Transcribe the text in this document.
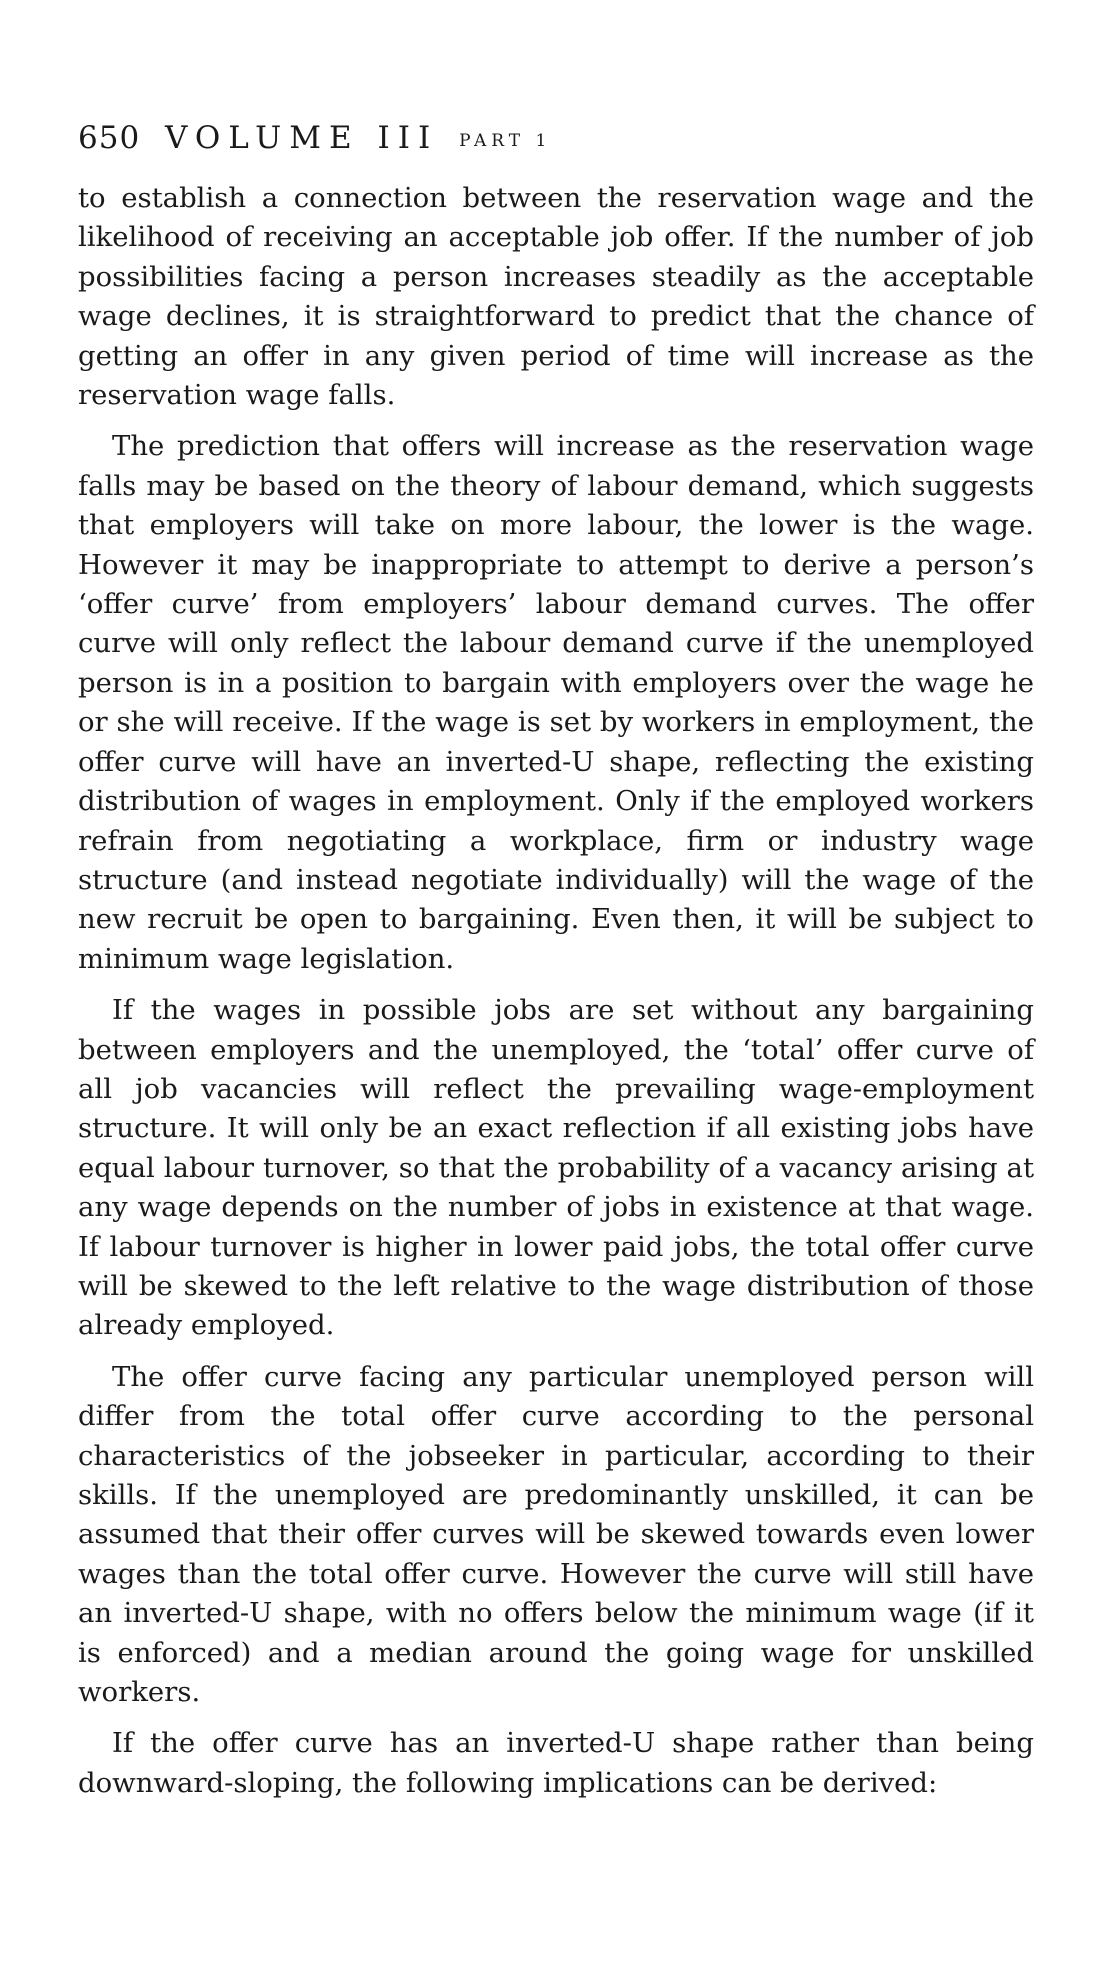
650 VOLUME III PART 1

to establish a connection between the reservation wage and the likelihood of receiving an acceptable job offer. If the number of job possibilities facing a person increases steadily as the acceptable wage declines, it is straightforward to predict that the chance of getting an offer in any given period of time will increase as the reservation wage falls.

The prediction that offers will increase as the reservation wage falls may be based on the theory of labour demand, which suggests that employers will take on more labour, the lower is the wage. However it may be inappropriate to attempt to derive a person’s ‘offer curve’ from employers’ labour demand curves. The offer curve will only reflect the labour demand curve if the unemployed person is in a position to bargain with employers over the wage he or she will receive. If the wage is set by workers in employment, the offer curve will have an inverted-U shape, reflecting the existing distribution of wages in employment. Only if the employed workers refrain from negotiating a workplace, firm or industry wage structure (and instead negotiate individually) will the wage of the new recruit be open to bargaining. Even then, it will be subject to minimum wage legislation.

If the wages in possible jobs are set without any bargaining between employers and the unemployed, the ‘total’ offer curve of all job vacancies will reflect the prevailing wage-employment structure. It will only be an exact reflection if all existing jobs have equal labour turnover, so that the probability of a vacancy arising at any wage depends on the number of jobs in existence at that wage. If labour turnover is higher in lower paid jobs, the total offer curve will be skewed to the left relative to the wage distribution of those already employed.

The offer curve facing any particular unemployed person will differ from the total offer curve according to the personal characteristics of the jobseeker in particular, according to their skills. If the unemployed are predominantly unskilled, it can be assumed that their offer curves will be skewed towards even lower wages than the total offer curve. However the curve will still have an inverted-U shape, with no offers below the minimum wage (if it is enforced) and a median around the going wage for unskilled workers.

If the offer curve has an inverted-U shape rather than being downward-sloping, the following implications can be derived:
